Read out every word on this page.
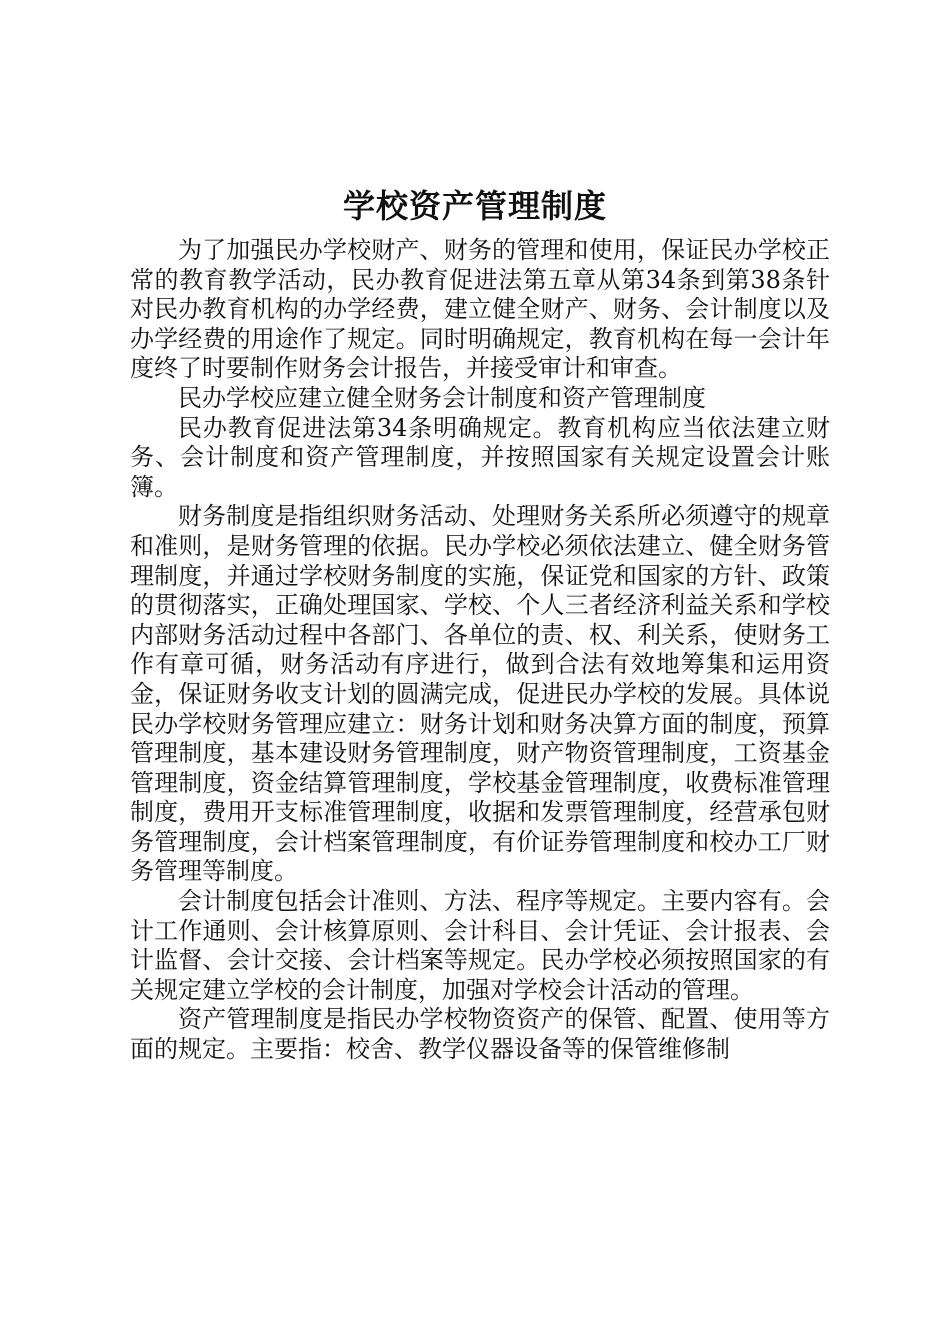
学校资产管理制度

为了加强民办学校财产、财务的管理和使用，保证民办学校正常的教育教学活动，民办教育促进法第五章从第34条到第38条针对民办教育机构的办学经费，建立健全财产、财务、会计制度以及办学经费的用途作了规定。同时明确规定，教育机构在每一会计年度终了时要制作财务会计报告，并接受审计和审查。

民办学校应建立健全财务会计制度和资产管理制度

民办教育促进法第34条明确规定。教育机构应当依法建立财务、会计制度和资产管理制度，并按照国家有关规定设置会计账簿。

财务制度是指组织财务活动、处理财务关系所必须遵守的规章和准则，是财务管理的依据。民办学校必须依法建立、健全财务管理制度，并通过学校财务制度的实施，保证党和国家的方针、政策的贯彻落实，正确处理国家、学校、个人三者经济利益关系和学校内部财务活动过程中各部门、各单位的责、权、利关系，使财务工作有章可循，财务活动有序进行，做到合法有效地筹集和运用资金，保证财务收支计划的圆满完成，促进民办学校的发展。具体说民办学校财务管理应建立：财务计划和财务决算方面的制度，预算管理制度，基本建设财务管理制度，财产物资管理制度，工资基金管理制度，资金结算管理制度，学校基金管理制度，收费标准管理制度，费用开支标准管理制度，收据和发票管理制度，经营承包财务管理制度，会计档案管理制度，有价证券管理制度和校办工厂财务管理等制度。

会计制度包括会计准则、方法、程序等规定。主要内容有。会计工作通则、会计核算原则、会计科目、会计凭证、会计报表、会计监督、会计交接、会计档案等规定。民办学校必须按照国家的有关规定建立学校的会计制度，加强对学校会计活动的管理。

资产管理制度是指民办学校物资资产的保管、配置、使用等方面的规定。主要指：校舍、教学仪器设备等的保管维修制
